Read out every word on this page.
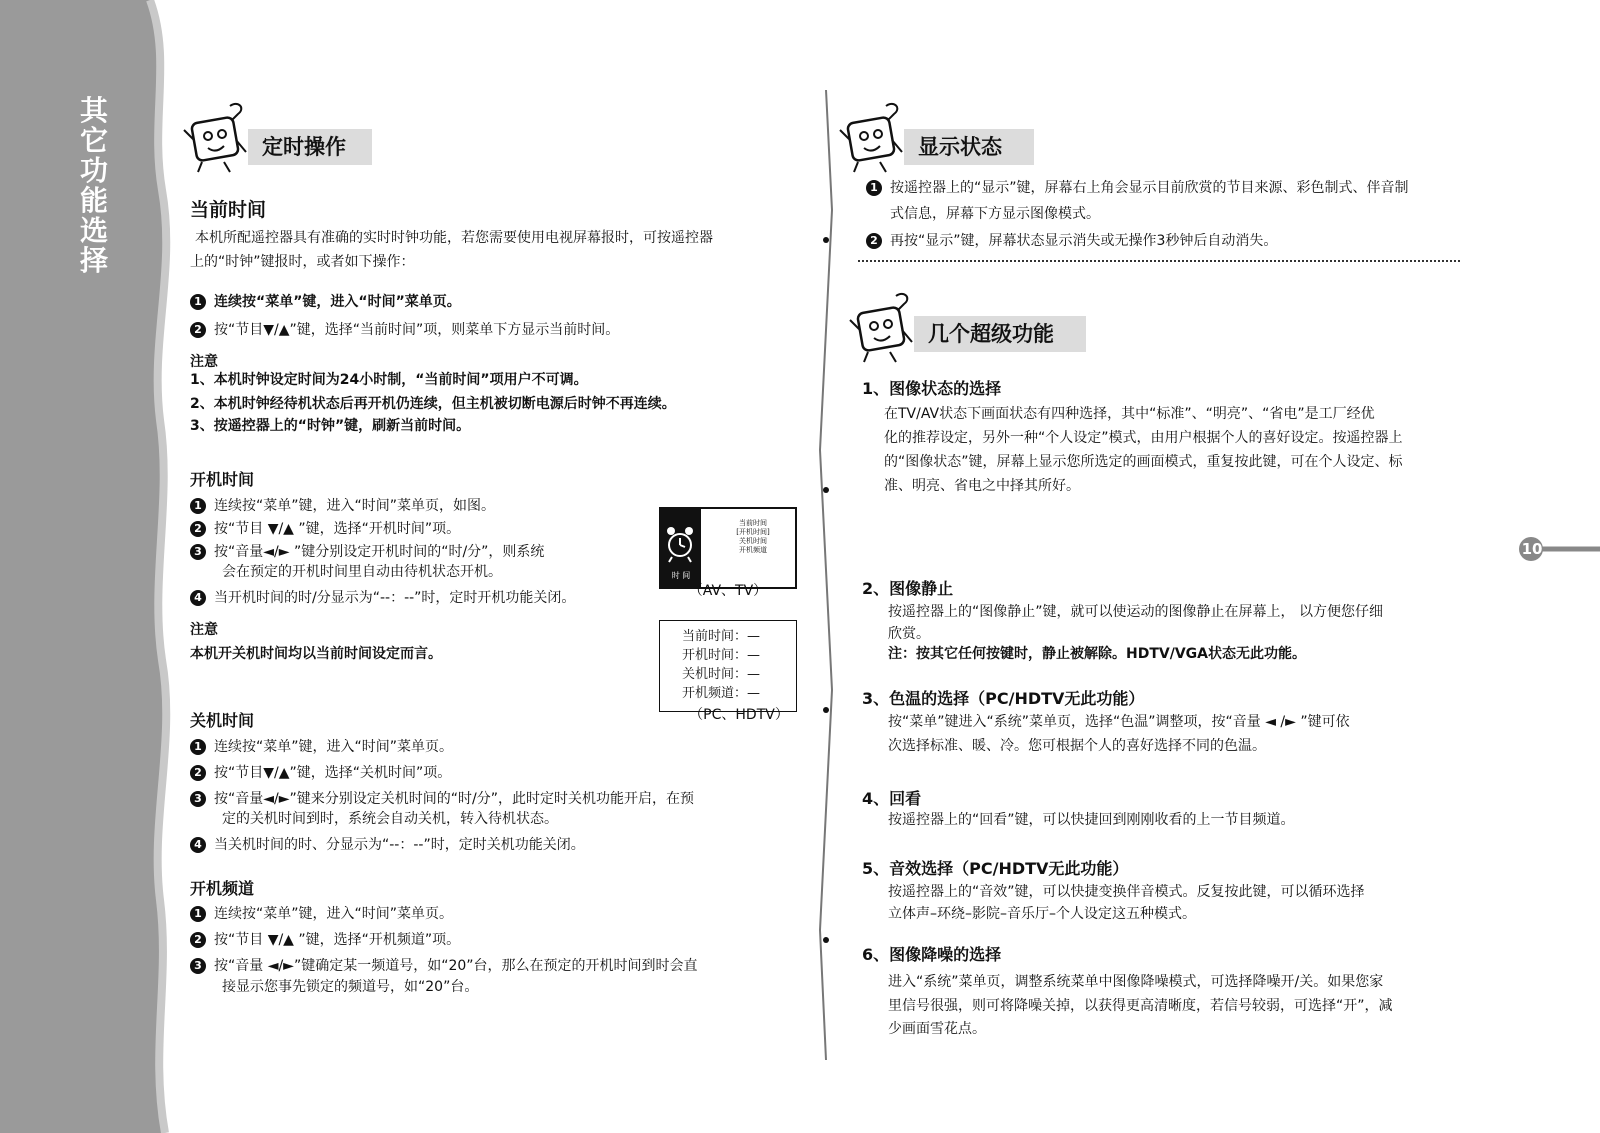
其
它
功
能
选
择
10
定时操作
当前时间
本机所配遥控器具有准确的实时时钟功能，若您需要使用电视屏幕报时，可按遥控器
上的“时钟”键报时，或者如下操作：
1 连续按“菜单”键，进入“时间”菜单页。
2 按“节目▼/▲”键，选择“当前时间”项，则菜单下方显示当前时间。
注意
1、本机时钟设定时间为24小时制，“当前时间”项用户不可调。
2、本机时钟经待机状态后再开机仍连续，但主机被切断电源后时钟不再连续。
3、按遥控器上的“时钟”键，刷新当前时间。
开机时间
1 连续按“菜单”键，进入“时间”菜单页，如图。
2 按“节目 ▼/▲ ”键，选择“开机时间”项。
3 按“音量◄/► ”键分别设定开机时间的“时/分”，则系统
会在预定的开机时间里自动由待机状态开机。
4 当开机时间的时/分显示为“--：--”时，定时开机功能关闭。
注意
本机开关机时间均以当前时间设定而言。
时 间
当前时间
[开机时间]
关机时间
开机频道
（AV、TV）
当前时间：—
开机时间：—
关机时间：—
开机频道：—
（PC、HDTV）
关机时间
1 连续按“菜单”键，进入“时间”菜单页。
2 按“节目▼/▲”键，选择“关机时间”项。
3 按“音量◄/►”键来分别设定关机时间的“时/分”，此时定时关机功能开启，在预
定的关机时间到时，系统会自动关机，转入待机状态。
4 当关机时间的时、分显示为“--：--”时，定时关机功能关闭。
开机频道
1 连续按“菜单”键，进入“时间”菜单页。
2 按“节目 ▼/▲ ”键，选择“开机频道”项。
3 按“音量 ◄/►”键确定某一频道号，如“20”台，那么在预定的开机时间到时会直
接显示您事先锁定的频道号，如“20”台。
显示状态
1 按遥控器上的“显示”键，屏幕右上角会显示目前欣赏的节目来源、彩色制式、伴音制
式信息，屏幕下方显示图像模式。
2 再按“显示”键，屏幕状态显示消失或无操作3秒钟后自动消失。
几个超级功能
1、图像状态的选择
在TV/AV状态下画面状态有四种选择，其中“标准”、“明亮”、“省电”是工厂经优
化的推荐设定，另外一种“个人设定”模式，由用户根据个人的喜好设定。按遥控器上
的“图像状态”键，屏幕上显示您所选定的画面模式，重复按此键，可在个人设定、标
准、明亮、省电之中择其所好。
2、图像静止
按遥控器上的“图像静止”键，就可以使运动的图像静止在屏幕上， 以方便您仔细
欣赏。
注：按其它任何按键时，静止被解除。HDTV/VGA状态无此功能。
3、色温的选择（PC/HDTV无此功能）
按“菜单”键进入“系统”菜单页，选择“色温”调整项，按“音量 ◄ /► ”键可依
次选择标准、暖、冷。您可根据个人的喜好选择不同的色温。
4、回看
按遥控器上的“回看”键，可以快捷回到刚刚收看的上一节目频道。
5、音效选择（PC/HDTV无此功能）
按遥控器上的“音效”键，可以快捷变换伴音模式。反复按此键，可以循环选择
立体声–环绕–影院–音乐厅–个人设定这五种模式。
6、图像降噪的选择
进入“系统”菜单页，调整系统菜单中图像降噪模式，可选择降噪开/关。如果您家
里信号很强，则可将降噪关掉，以获得更高清晰度，若信号较弱，可选择“开”，减
少画面雪花点。
